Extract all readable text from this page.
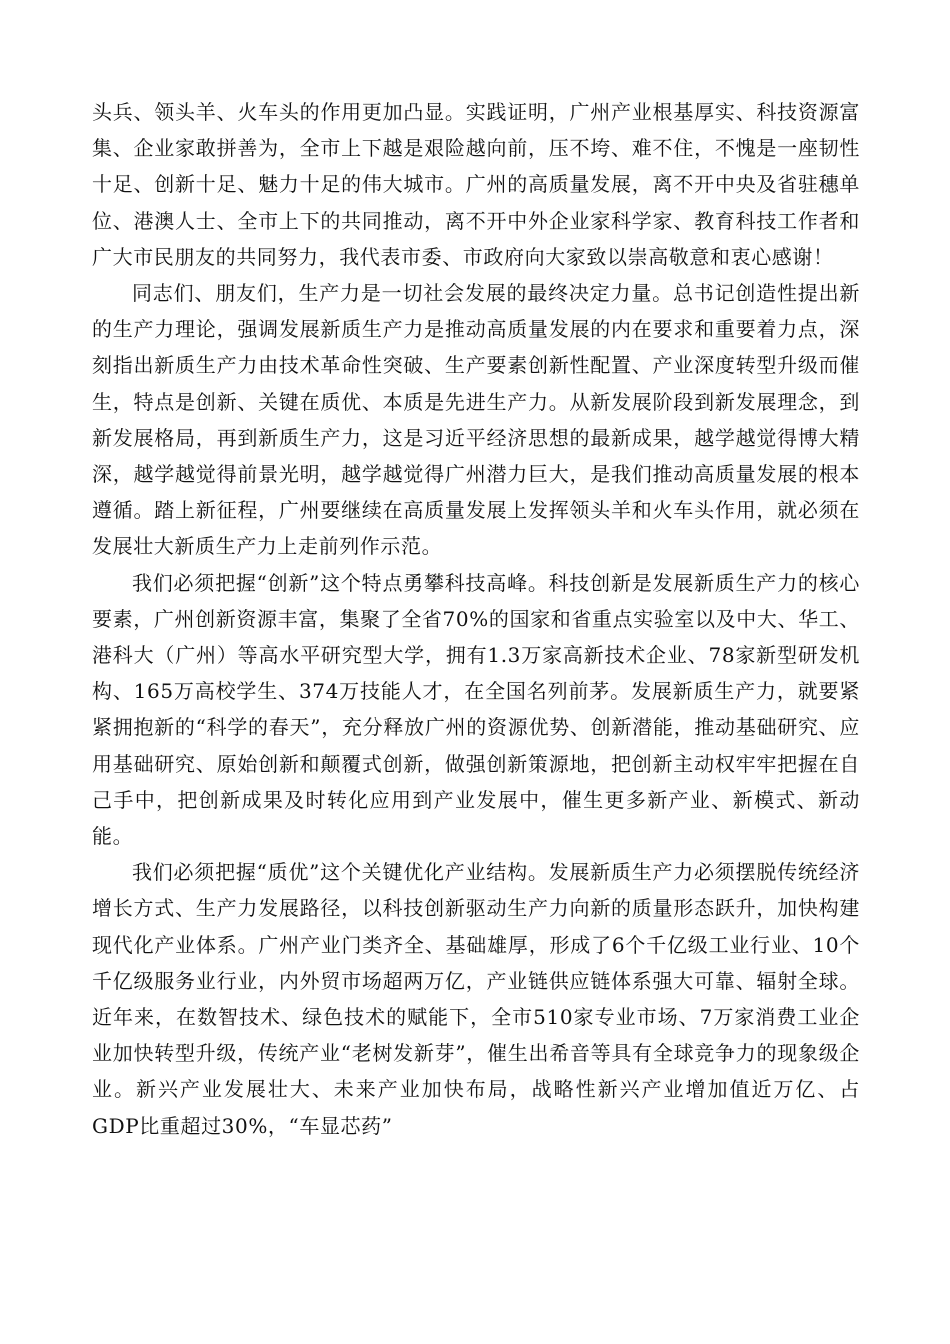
头兵、领头羊、火车头的作用更加凸显。实践证明，广州产业根基厚实、科技资源富集、企业家敢拼善为，全市上下越是艰险越向前，压不垮、难不住，不愧是一座韧性十足、创新十足、魅力十足的伟大城市。广州的高质量发展，离不开中央及省驻穗单位、港澳人士、全市上下的共同推动，离不开中外企业家科学家、教育科技工作者和广大市民朋友的共同努力，我代表市委、市政府向大家致以崇高敬意和衷心感谢！

同志们、朋友们，生产力是一切社会发展的最终决定力量。总书记创造性提出新的生产力理论，强调发展新质生产力是推动高质量发展的内在要求和重要着力点，深刻指出新质生产力由技术革命性突破、生产要素创新性配置、产业深度转型升级而催生，特点是创新、关键在质优、本质是先进生产力。从新发展阶段到新发展理念，到新发展格局，再到新质生产力，这是习近平经济思想的最新成果，越学越觉得博大精深，越学越觉得前景光明，越学越觉得广州潜力巨大，是我们推动高质量发展的根本遵循。踏上新征程，广州要继续在高质量发展上发挥领头羊和火车头作用，就必须在发展壮大新质生产力上走前列作示范。

我们必须把握“创新”这个特点勇攀科技高峰。科技创新是发展新质生产力的核心要素，广州创新资源丰富，集聚了全省70%的国家和省重点实验室以及中大、华工、港科大（广州）等高水平研究型大学，拥有1.3万家高新技术企业、78家新型研发机构、165万高校学生、374万技能人才，在全国名列前茅。发展新质生产力，就要紧紧拥抱新的“科学的春天”，充分释放广州的资源优势、创新潜能，推动基础研究、应用基础研究、原始创新和颠覆式创新，做强创新策源地，把创新主动权牢牢把握在自己手中，把创新成果及时转化应用到产业发展中，催生更多新产业、新模式、新动能。

我们必须把握“质优”这个关键优化产业结构。发展新质生产力必须摆脱传统经济增长方式、生产力发展路径，以科技创新驱动生产力向新的质量形态跃升，加快构建现代化产业体系。广州产业门类齐全、基础雄厚，形成了6个千亿级工业行业、10个千亿级服务业行业，内外贸市场超两万亿，产业链供应链体系强大可靠、辐射全球。近年来，在数智技术、绿色技术的赋能下，全市510家专业市场、7万家消费工业企业加快转型升级，传统产业“老树发新芽”，催生出希音等具有全球竞争力的现象级企业。新兴产业发展壮大、未来产业加快布局，战略性新兴产业增加值近万亿、占GDP比重超过30%，“车显芯药”
